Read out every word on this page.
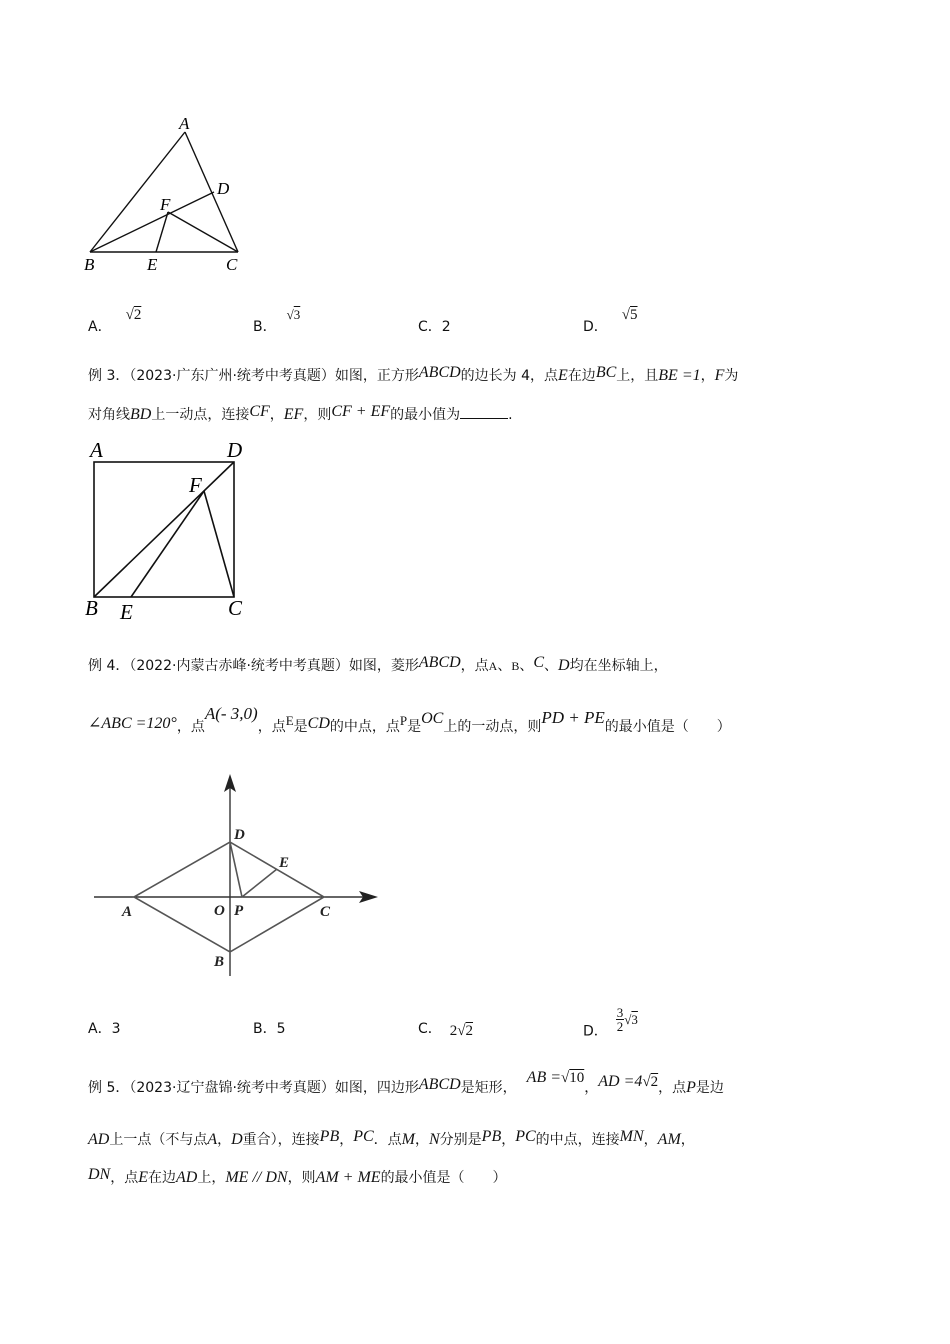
A
B	C
D
E
F
A．√2
B．√3
C．2	D．√5
例 3．（2023·广东广州·统考中考真题）如图，正方形ABCD的边长为 4，点E在边BC上，且BE =1，F为
对角线BD上一动点，连接CF，EF，则CF + EF的最小值为	.
A	D
F
B E	C
例 4．（2022·内蒙古赤峰·统考中考真题）如图，菱形ABCD，点A、B、C、D均在坐标轴上，
∠ABC =120°，点A(- 3,0)，点E是CD的中点，点P是OC上的一动点，则PD + PE的最小值是（　　）
A	O P	C
D
E
B
A．3	B．5	C． 2√2	D． $\frac{3}{2} √3$
例 5．（2023·辽宁盘锦·统考中考真题）如图，四边形ABCD是矩形，AB =√10，AD =4√2，点P是边
AD上一点（不与点A，D重合），连接PB，PC．点M，N分别是PB，PC的中点，连接MN，AM，
DN，点E在边AD上，ME // DN，则AM + ME的最小值是（　　）
